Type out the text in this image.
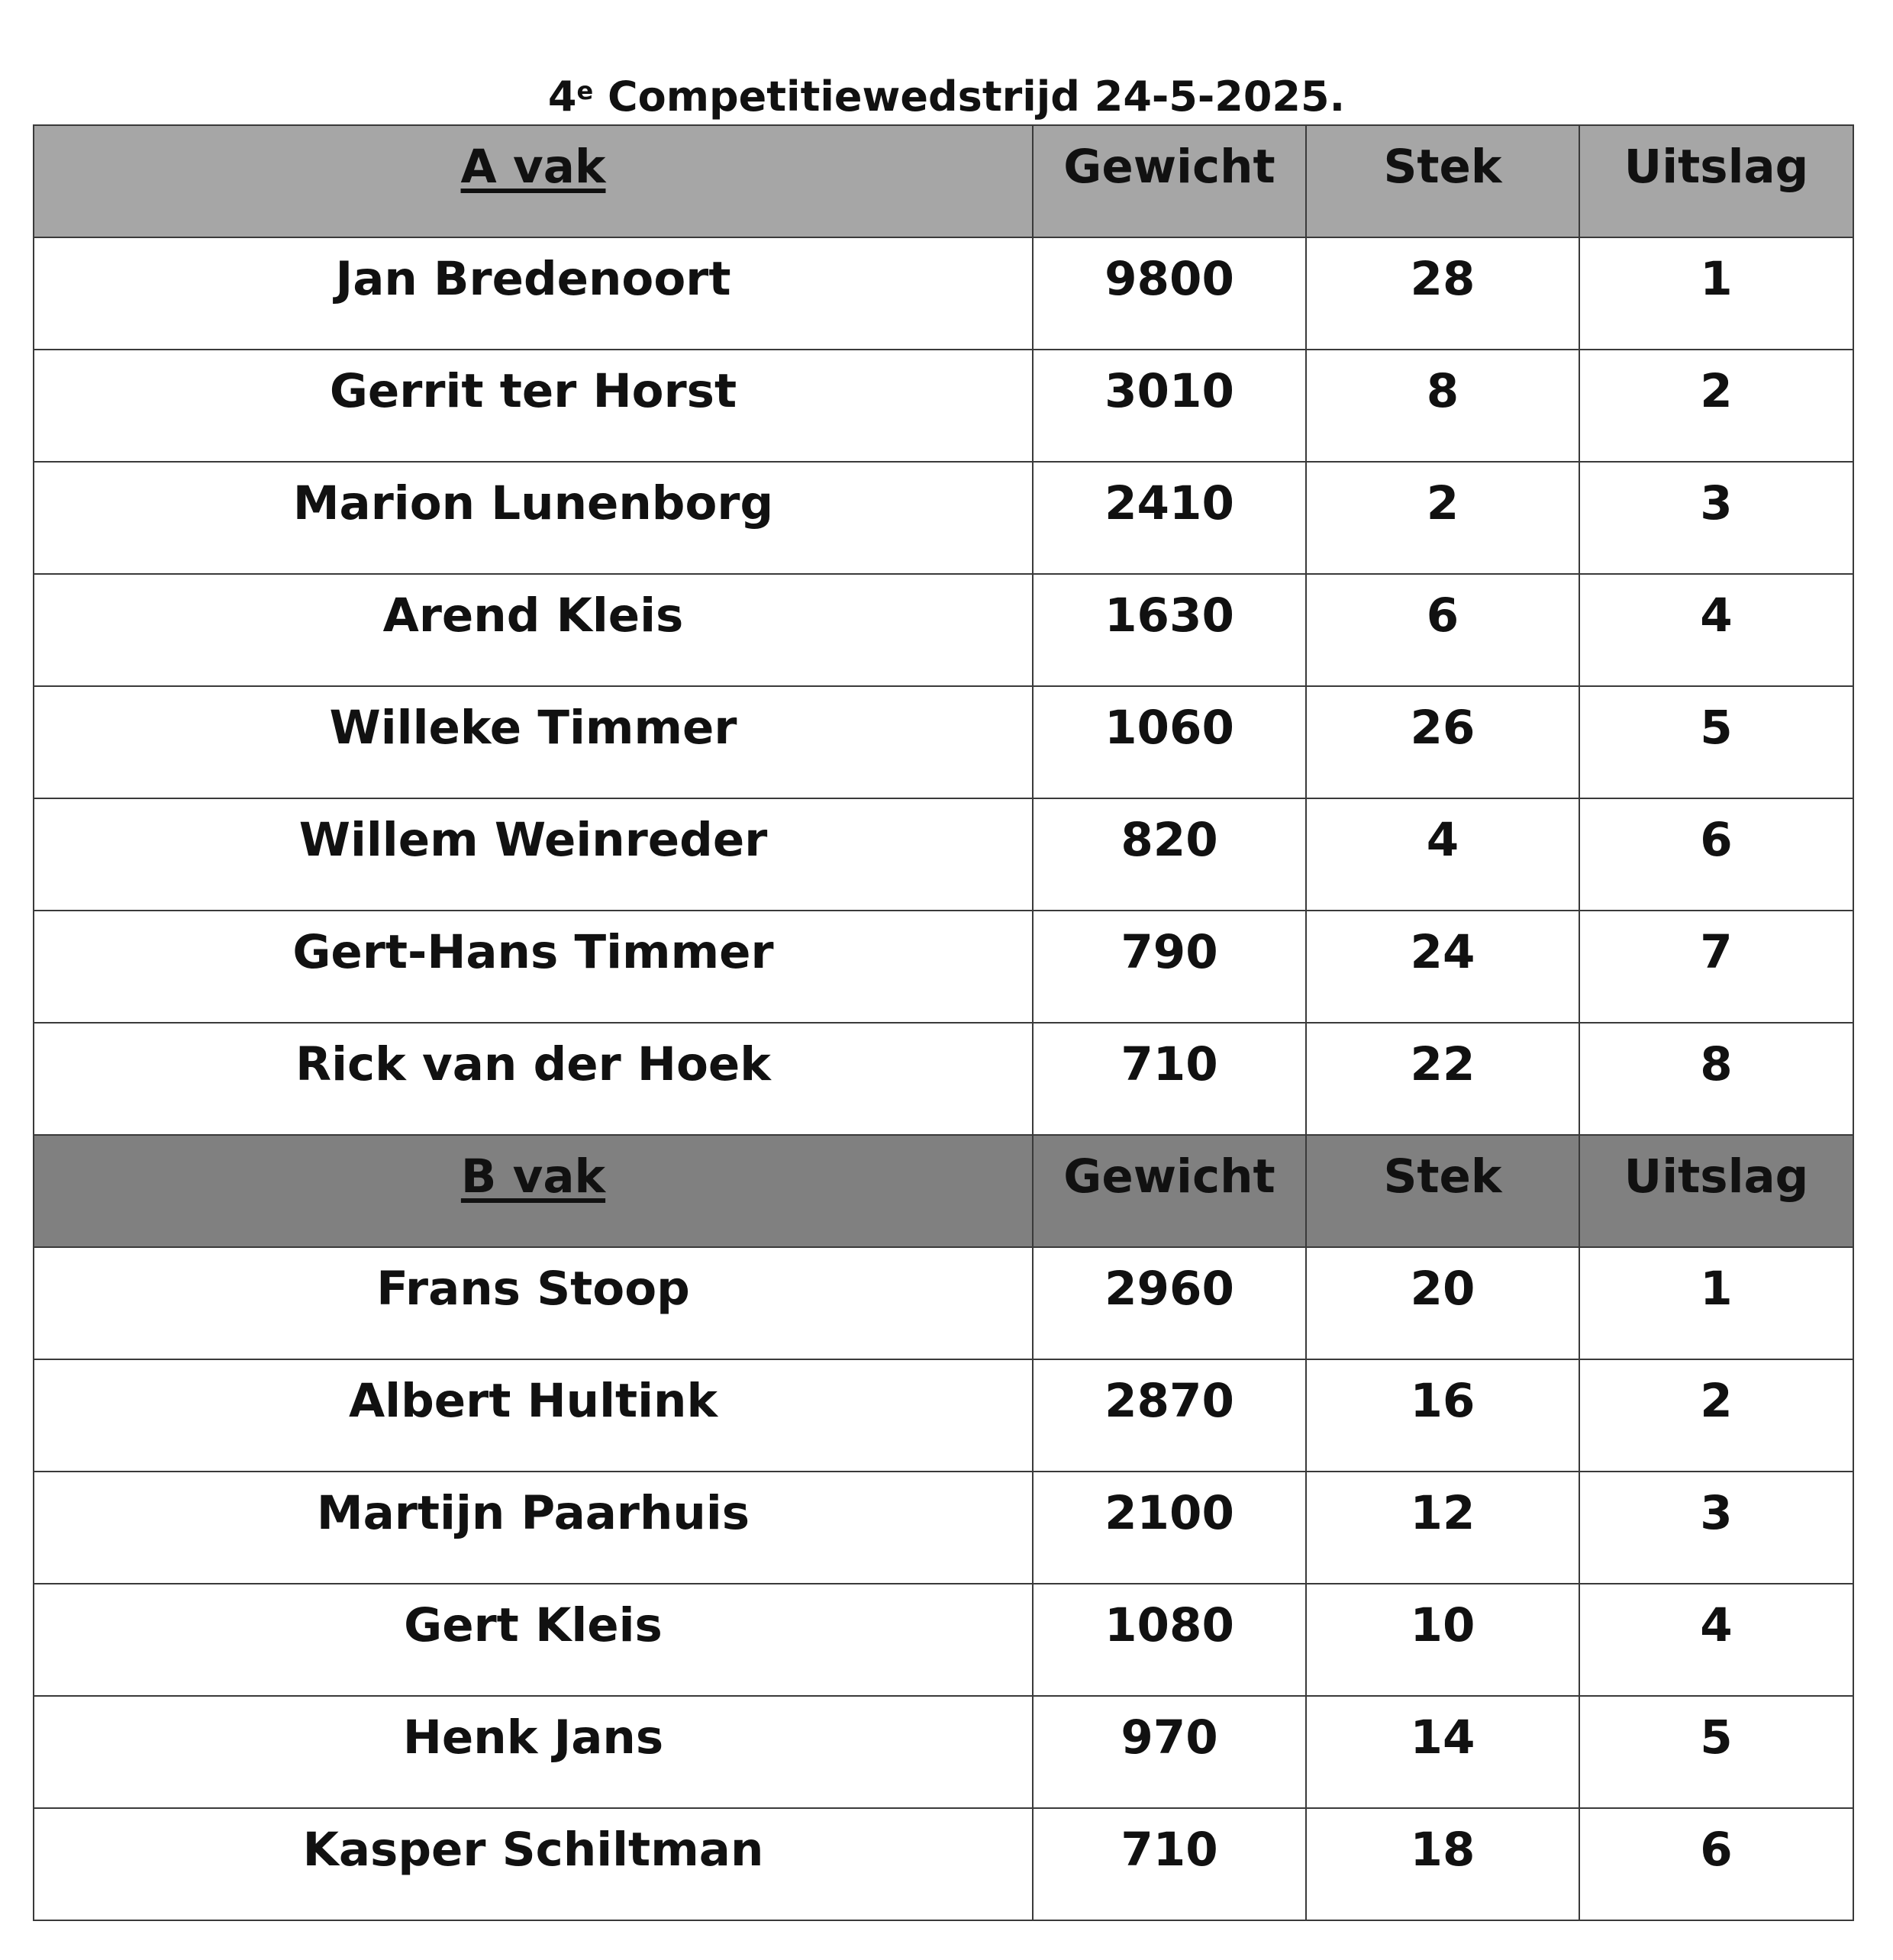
4e Competitiewedstrijd 24-5-2025.
A vak	Gewicht	Stek	Uitslag

Jan Bredenoort	9800	28	1

Gerrit ter Horst	3010	8	2

Marion Lunenborg	2410	2	3

Arend Kleis	1630	6	4

Willeke Timmer	1060	26	5

Willem Weinreder	820	4	6

Gert-Hans Timmer	790	24	7

Rick van der Hoek	710	22	8

B vak	Gewicht	Stek	Uitslag

Frans Stoop	2960	20	1

Albert Hultink	2870	16	2

Martijn Paarhuis	2100	12	3

Gert Kleis	1080	10	4

Henk Jans	970	14	5

Kasper Schiltman	710	18	6
